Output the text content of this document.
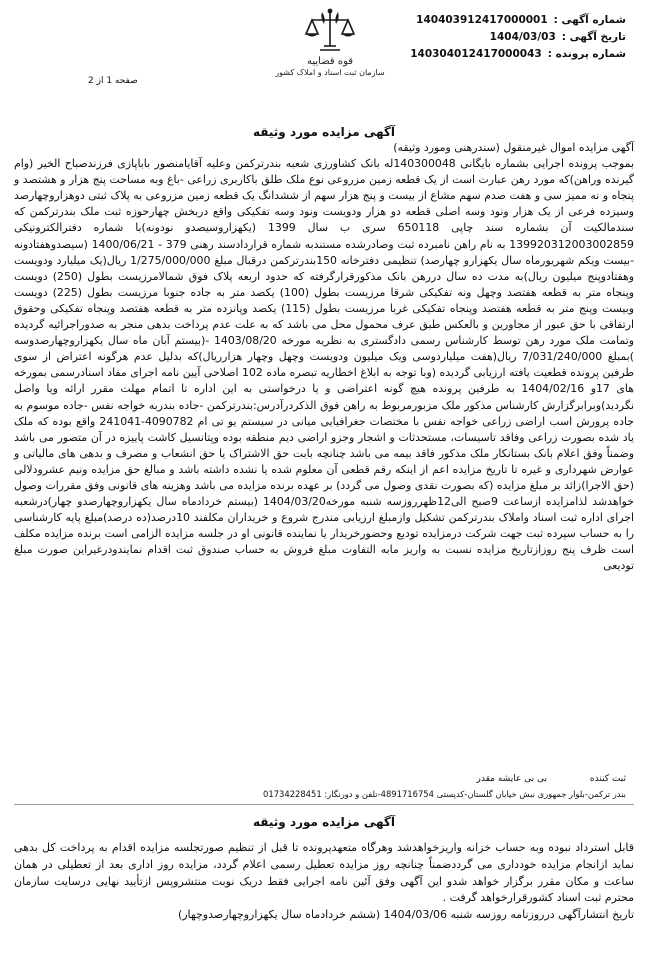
شماره آگهی :
140403912417000001
تاریخ آگهی :
1404/03/03
شماره پرونده :
140304012417000043
قوه قضاییه
سازمان ثبت اسناد و املاک کشور
صفحه 1 از 2
آگهی مزایده مورد وثیقه

آگهی مزایده اموال غیرمنقول (سندرهنی ومورد وثیقه)

بموجب پرونده اجرایی بشماره بایگانی 140300048له بانک کشاورزی شعبه بندرترکمن وعلیه آقایامنصور باباپازی فرزندصباح الخیر (وام گیرنده وراهن)که مورد رهن عبارت است از یک قطعه زمین مزروعی نوع ملک طلق باکاربری زراعی -باغ وبه مساحت پنج هزار و هشتصد و پنجاه و نه ممیز سی و هفت صدم سهم مشاع از بیست و پنج هزار سهم از ششدانگ یک قطعه زمین مزروعی به پلاک ثبتی دوهزاروچهارصد وسیزده فرعی از یک هزار ونود وسه اصلی قطعه دو هزار ودویست ونود وسه تفکیکی واقع دربخش چهارحوزه ثبت ملک بندرترکمن که سندمالکیت آن بشماره سند چاپی 650118 سری ب سال 1399 (یکهزاروسیصدو نودونه)با شماره دفترالکترونیکی 139920312003002859 به نام راهن نامبرده ثبت وصادرشده مستندبه شماره قراردادسند رهنی 379 - 1400/06/21 (سیصدوهفتادونه -بیست ویکم شهریورماه سال یکهزارو چهارصد) تنظیمی دفترخانه 150بندرترکمن درقبال مبلغ 1/275/000/000 ریال(یک میلیارد ودویست وهفتادوپنج میلیون ریال)به مدت ده سال دررهن بانک مذکورقرارگرفته که حدود اربعه پلاک فوق شمالامرزیست بطول (250) دویست وپنجاه متر به قطعه هفتصد وچهل ونه تفکیکی شرقا مرزیست بطول (100) یکصد متر به جاده جنوبا مرزیست بطول (225) دویست وبیست وپنج متر به قطعه هفتصد وپنجاه تفکیکی غربا مرزیست بطول (115) یکصد وپانزده متر به قطعه هفتصد وپنجاه تفکیکی وحقوق ارتفاقی با حق عبور از مجاورین و بالعکس طبق عرف محمول محل می باشد که به علت عدم پرداخت بدهی منجر به صدوراجرائیه گردیده وتمامت ملک مورد رهن توسط کارشناس رسمی دادگستری به نظریه مورخه 1403/08/20 -(بیستم آبان ماه سال یکهزاروچهارصدوسه )بمبلغ 7/031/240/000 ریال(هفت میلیاردوسی ویک میلیون ودویست وچهل وچهار هزارریال)که بدلیل عدم هرگونه اعتراض از سوی طرفین پرونده قطعیت یافته ارزیابی گردیده (وبا توجه به ابلاغ اخطاریه تبصره ماده 102 اصلاحی آیین نامه اجرای مفاد اسنادرسمی بمورخه های 17و 1404/02/16 به طرفین پرونده هیچ گونه اعتراضی و یا درخواستی به این اداره تا اتمام مهلت مقرر ارائه ویا واصل نگردید)وبرابرگزارش کارشناس مذکور ملک مزبورمربوط به راهن فوق الذکردرآدرس:بندرترکمن -جاده بندربه خواجه نفس -جاده موسوم به جاده پرورش اسب اراضی زراعی خواجه نفس با مختصات جغرافیایی میانی در سیستم یو تی ام 4090782-241041 واقع بوده که ملک یاد شده بصورت زراعی وفاقد تاسیسات، مستحدثات و اشجار وجزو اراضی دیم منطقه بوده وپتانسیل کاشت پاییزه در آن متصور می باشد وضمناً وفق اعلام بانک بستانکار ملک مذکور فاقد بیمه می باشد چنانچه بابت حق الاشتراک یا حق انشعاب و مصرف و بدهی های مالیاتی و عوارض شهرداری و غیره تا تاریخ مزایده اعم از اینکه رقم قطعی آن معلوم شده یا نشده داشته باشد و مبالغ حق مزایده ونیم عشرودلالی (حق الاجرا)زائد بر مبلغ مزایده (که بصورت نقدی وصول می گردد) بر عهده برنده مزایده می باشد وهزینه های قانونی وفق مقررات وصول خواهدشد لذامزایده ازساعت 9صبح الی12ظهرروزسه شنبه مورخه1404/03/20 (بیستم خردادماه سال یکهزاروچهارصدو چهار)درشعبه اجرای اداره ثبت اسناد واملاک بندرترکمن تشکیل وازمبلغ ارزیابی مندرج شروع و خریداران مکلفند 10درصد(ده درصد)مبلغ پایه کارشناسی را به حساب سپرده ثبت جهت شرکت درمزایده تودیع وحضورخریدار یا نماینده قانونی او در جلسه مزایده الزامی است برنده مزایده مکلف است ظرف پنج روزازتاریخ مزایده نسبت به واریز مابه التفاوت مبلغ فروش به حساب صندوق ثبت اقدام نمایندودرغیراین صورت مبلغ تودیعی

ثبت کننده بی بی عایشه مقدر
بندر ترکمن-بلوار جمهوری نبش خیابان گلستان-کدپستی 4891716754-تلفن و دورنگار: 01734228451
آگهی مزایده مورد وثیقه

قابل استرداد نبوده وبه حساب خزانه واریزخواهدشد وهرگاه متعهدپرونده تا قبل از تنظیم صورتجلسه مزایده اقدام به پرداخت کل بدهی نماید ازانجام مزایده خودداری می گرددضمناً چنانچه روز مزایده تعطیل رسمی اعلام گردد، مزایده روز اداری بعد از تعطیلی در همان ساعت و مکان مقرر برگزار خواهد شدو این آگهی وفق آئین نامه اجرایی فقط دریک نوبت منتشروپس ازتأیید نهایی درسایت سازمان محترم ثبت اسناد کشورقرارخواهد گرفت .

تاریخ انتشارآگهی درروزنامه روزسه شنبه 1404/03/06 (ششم خردادماه سال یکهزاروچهارصدوچهار)
